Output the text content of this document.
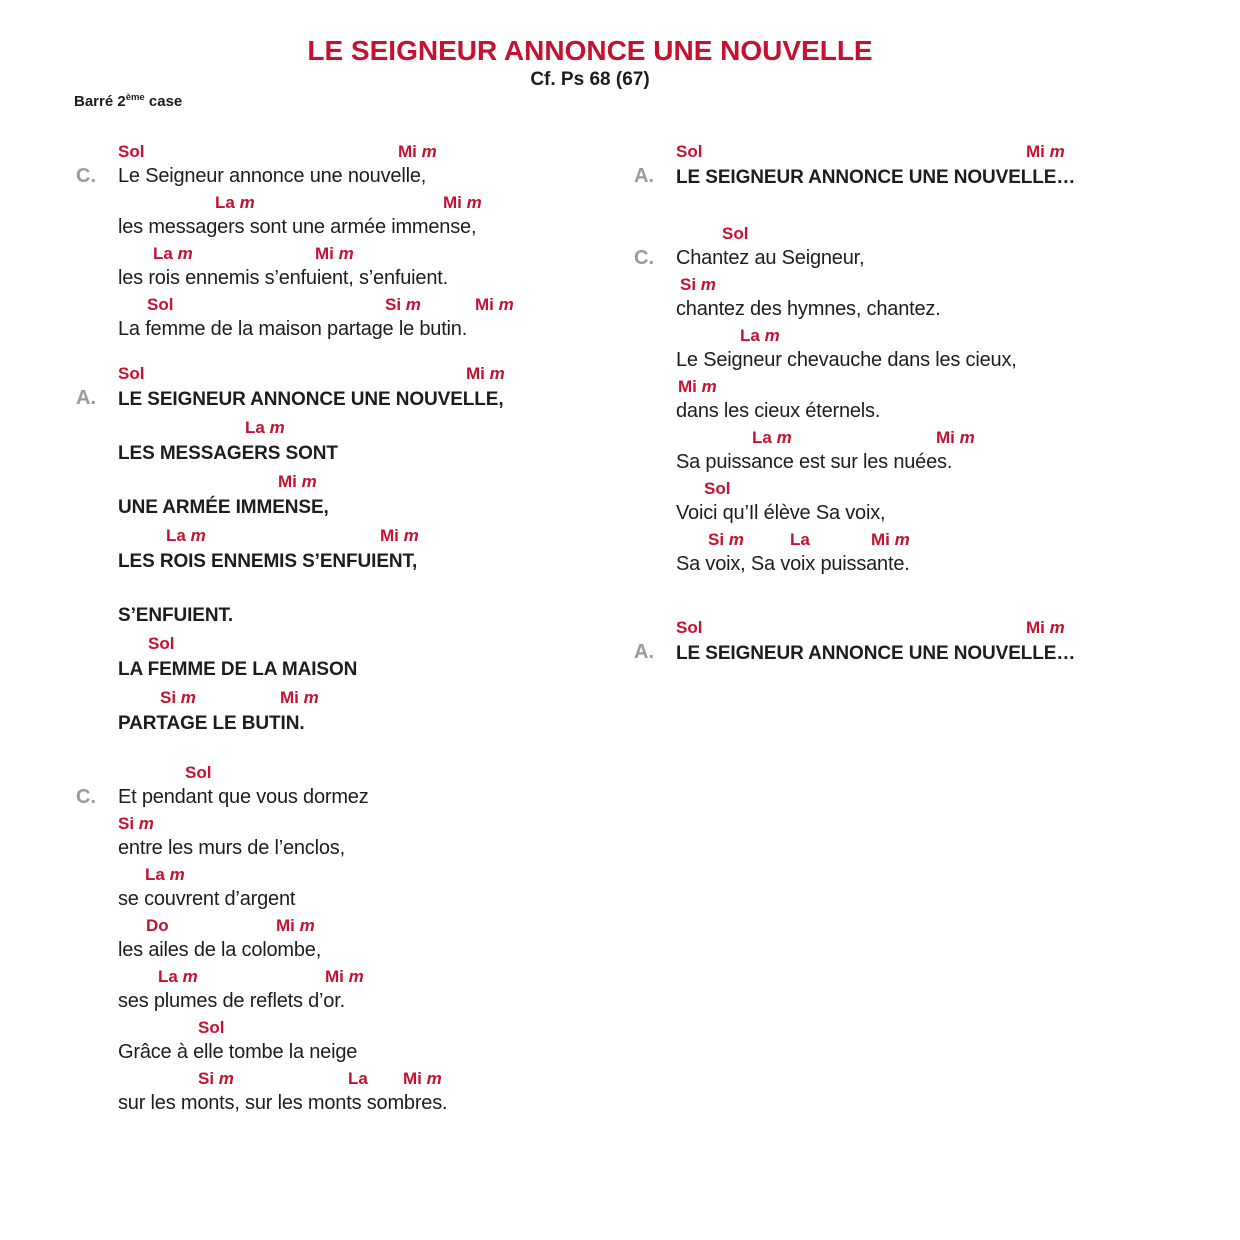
LE SEIGNEUR ANNONCE UNE NOUVELLE
Cf. Ps 68 (67)
Barré 2ème case
C.
Sol	Mi m
Le Seigneur annonce une nouvelle,
La m	Mi m
les messagers sont une armée immense,
La m	Mi m
les rois ennemis s’enfuient, s’enfuient.
Sol	Si m	Mi m
La femme de la maison partage le butin.
A.
Sol	Mi m
LE SEIGNEUR ANNONCE UNE NOUVELLE,
La m
LES MESSAGERS SONT
Mi m
UNE ARMÉE IMMENSE,
La m	Mi m
LES ROIS ENNEMIS S’ENFUIENT,
S’ENFUIENT.
Sol
LA FEMME DE LA MAISON
Si m	Mi m
PARTAGE LE BUTIN.
C.
Sol
Et pendant que vous dormez
Si m
entre les murs de l’enclos,
La m
se couvrent d’argent
Do	Mi m
les ailes de la colombe,
La m	Mi m
ses plumes de reflets d’or.
Sol
Grâce à elle tombe la neige
Si m	La Mi m
sur les monts, sur les monts sombres.
A.
Sol	Mi m
LE SEIGNEUR ANNONCE UNE NOUVELLE…
C.
Sol
Chantez au Seigneur,
Si m
chantez des hymnes, chantez.
La m
Le Seigneur chevauche dans les cieux,
Mi m
dans les cieux éternels.
La m	Mi m
Sa puissance est sur les nuées.
Sol
Voici qu’Il élève Sa voix,
Si m	La	Mi m
Sa voix, Sa voix puissante.
A.
Sol	Mi m
LE SEIGNEUR ANNONCE UNE NOUVELLE…
